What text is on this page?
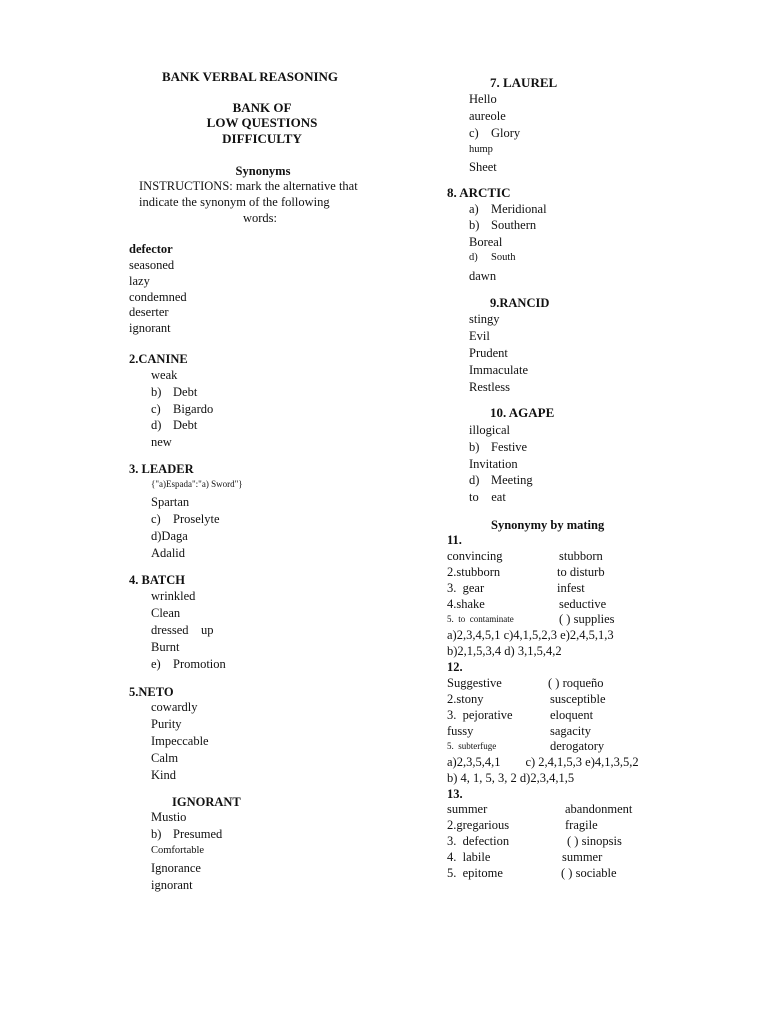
BANK VERBAL REASONING
BANK OF
LOW QUESTIONS
DIFFICULTY
Synonyms
INSTRUCTIONS: mark the alternative that
indicate the synonym of the following
words:
defector
seasoned
lazy
condemned
deserter
ignorant
2.CANINE
weak
b) Debt
c) Bigardo
d) Debt
new
3. LEADER
{"a)Espada":"a) Sword"}
Spartan
c) Proselyte
d)Daga
Adalid
4. BATCH
wrinkled
Clean
dressed    up
Burnt
e) Promotion
5.NETO
cowardly
Purity
Impeccable
Calm
Kind
IGNORANT
Mustio
b) Presumed
Comfortable
Ignorance
ignorant
7. LAUREL
Hello
aureole
c) Glory
hump
Sheet
8. ARCTIC
a) Meridional
b) Southern
Boreal
d) South
dawn
9.RANCID
stingy
Evil
Prudent
Immaculate
Restless
10. AGAPE
illogical
b) Festive
Invitation
d) Meeting
to    eat
Synonymy by mating
11.
convincing	stubborn
2.stubborn	to disturb
3.  gear	infest
4.shake	seductive
5.  to  contaminate	( ) supplies
a)2,3,4,5,1 c)4,1,5,2,3 e)2,4,5,1,3
b)2,1,5,3,4 d) 3,1,5,4,2
12.
Suggestive	( ) roqueño
2.stony	susceptible
3.  pejorative	eloquent
fussy	sagacity
5.  subterfuge	derogatory
a)2,3,5,4,1        c) 2,4,1,5,3 e)4,1,3,5,2
b) 4, 1, 5, 3, 2 d)2,3,4,1,5
13.
summer	abandonment
2.gregarious	fragile
3.  defection	( ) sinopsis
4.  labile	summer
5.  epitome	( ) sociable
